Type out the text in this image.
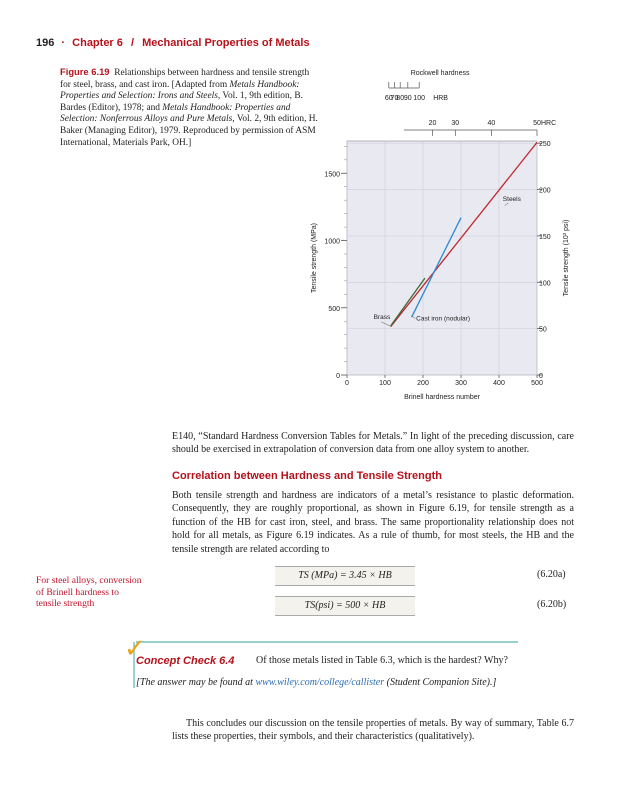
196 · Chapter 6 / Mechanical Properties of Metals
Figure 6.19 Relationships between hardness and tensile strength for steel, brass, and cast iron. [Adapted from Metals Handbook: Properties and Selection: Irons and Steels, Vol. 1, 9th edition, B. Bardes (Editor), 1978; and Metals Handbook: Properties and Selection: Nonferrous Alloys and Pure Metals, Vol. 2, 9th edition, H. Baker (Managing Editor), 1979. Reproduced by permission of ASM International, Materials Park, OH.]
0
500
1000
1500
0	100	200	300	400	500
0
50
100
150
200
250
20 30	40	50 HRC
60
70
80 90 100 HRB
Rockwell hardness
Brinell hardness number
Tensile strength (MPa)	Tensile strength (10³ psi)
Steels
Brass	Cast iron (nodular)
E140, “Standard Hardness Conversion Tables for Metals.” In light of the preceding discussion, care should be exercised in extrapolation of conversion data from one alloy system to another.
Correlation between Hardness and Tensile Strength
Both tensile strength and hardness are indicators of a metal’s resistance to plastic deformation. Consequently, they are roughly proportional, as shown in Figure 6.19, for tensile strength as a function of the HB for cast iron, steel, and brass. The same proportionality relationship does not hold for all metals, as Figure 6.19 indicates. As a rule of thumb, for most steels, the HB and the tensile strength are related according to
For steel alloys, conversion of Brinell hardness to tensile strength
TS (MPa) = 3.45 × HB	(6.20a)
TS(psi) = 500 × HB	(6.20b)
✓
Concept Check 6.4 Of those metals listed in Table 6.3, which is the hardest? Why?
[The answer may be found at www.wiley.com/college/callister (Student Companion Site).]
This concludes our discussion on the tensile properties of metals. By way of summary, Table 6.7 lists these properties, their symbols, and their characteristics (qualitatively).
